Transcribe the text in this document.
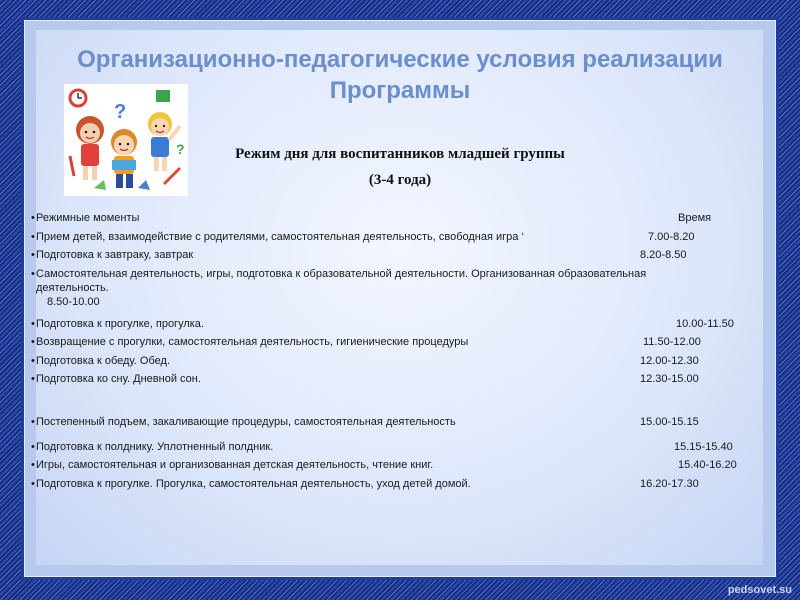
Организационно-педагогические условия реализации Программы
?
?	Режим дня для воспитанников младшей группы
(3-4 года)
• Режимные моменты	Время
• Прием детей, взаимодействие с родителями, самостоятельная деятельность, свободная игра ‘	7.00-8.20
• Подготовка к завтраку, завтрак	8.20-8.50
• Самостоятельная деятельность, игры, подготовка к образовательной деятельности. Организованная образовательная деятельность.
8.50-10.00
• Подготовка к прогулке, прогулка.	10.00-11.50
• Возвращение с прогулки, самостоятельная деятельность, гигиенические процедуры	11.50-12.00
• Подготовка к обеду. Обед.	12.00-12.30
• Подготовка ко сну. Дневной сон.	12.30-15.00
• Постепенный подъем, закаливающие процедуры, самостоятельная деятельность	15.00-15.15
• Подготовка к полднику. Уплотненный полдник.	15.15-15.40
• Игры, самостоятельная и организованная детская деятельность, чтение книг.	15.40-16.20
• Подготовка к прогулке. Прогулка, самостоятельная деятельность, уход детей домой.	16.20-17.30
pedsovet.su
